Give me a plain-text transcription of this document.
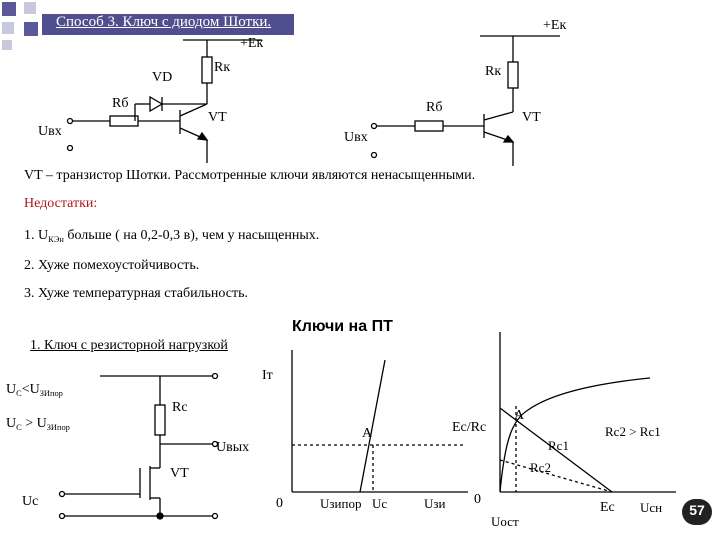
Способ 3. Ключ с диодом Шотки.
+Ек
Rк
VD
Rб
VT
Uвх
+Ек
Rк
Rб
VT
Uвх
VT – транзистор Шотки. Рассмотренные ключи являются ненасыщенными.
Недостатки:
1. $U_{КЭн}$ больше ( на 0,2-0,3 в), чем у насыщенных.
2. Хуже помехоустойчивость.
3. Хуже температурная стабильность.
Ключи на ПТ
1. Ключ с резисторной нагрузкой
$U_C<U_{ЗИпор}$
$U_C > U_{ЗИпор}$
Rc
Uвых
VT
Uc
Iт
0
A	Ec/Rc
Uзипор Uc	Uзи 0
A
Rc1
Rc2
Rc2 > Rc1
Uост
Ec Uсн	57
